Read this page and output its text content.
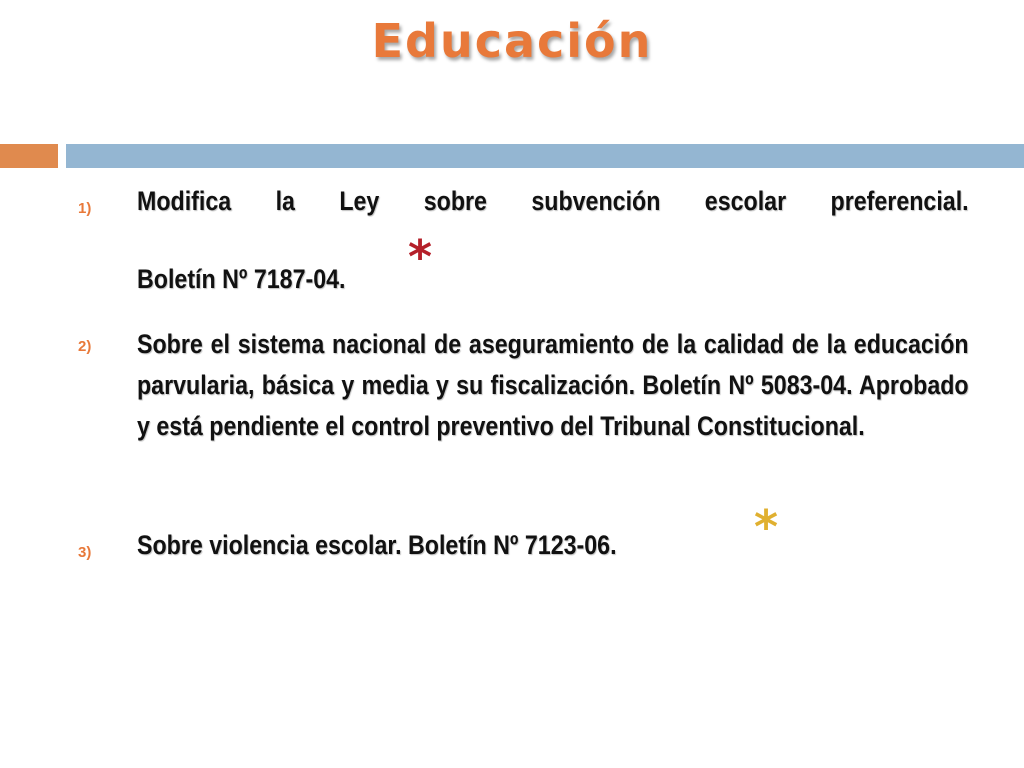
Educación
1) Modifica la Ley sobre subvención escolar preferencial.
Boletín Nº 7187-04.	*
2) Sobre el sistema nacional de aseguramiento de la calidad de la educación parvularia, básica y media y su fiscalización. Boletín Nº 5083-04. Aprobado y está pendiente el control preventivo del Tribunal Constitucional.
3) Sobre violencia escolar. Boletín Nº 7123-06.	*
